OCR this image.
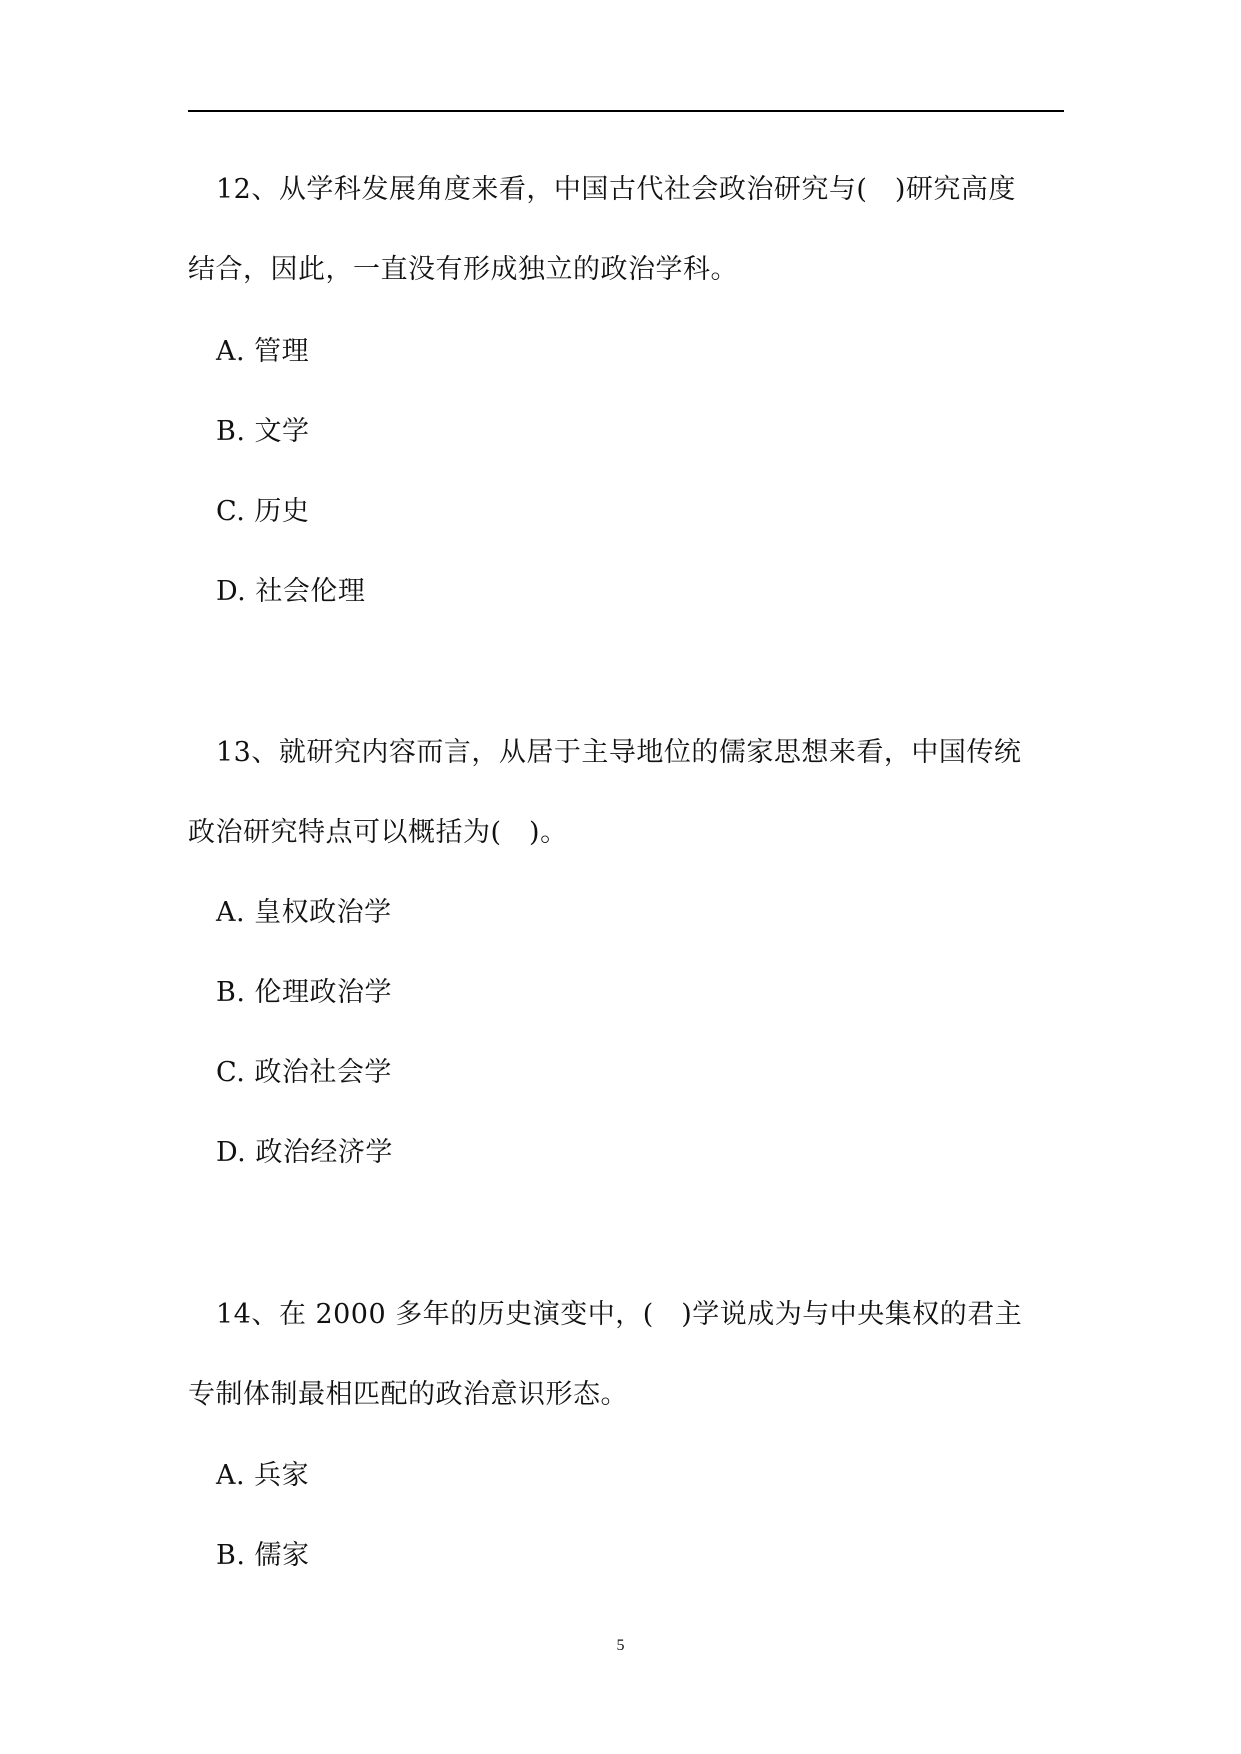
12、从学科发展角度来看，中国古代社会政治研究与(　)研究高度
结合，因此，一直没有形成独立的政治学科。
A. 管理
B. 文学
C. 历史
D. 社会伦理
13、就研究内容而言，从居于主导地位的儒家思想来看，中国传统
政治研究特点可以概括为(　)。
A. 皇权政治学
B. 伦理政治学
C. 政治社会学
D. 政治经济学
14、在 2000 多年的历史演变中，(　)学说成为与中央集权的君主
专制体制最相匹配的政治意识形态。
A. 兵家
B. 儒家
5
